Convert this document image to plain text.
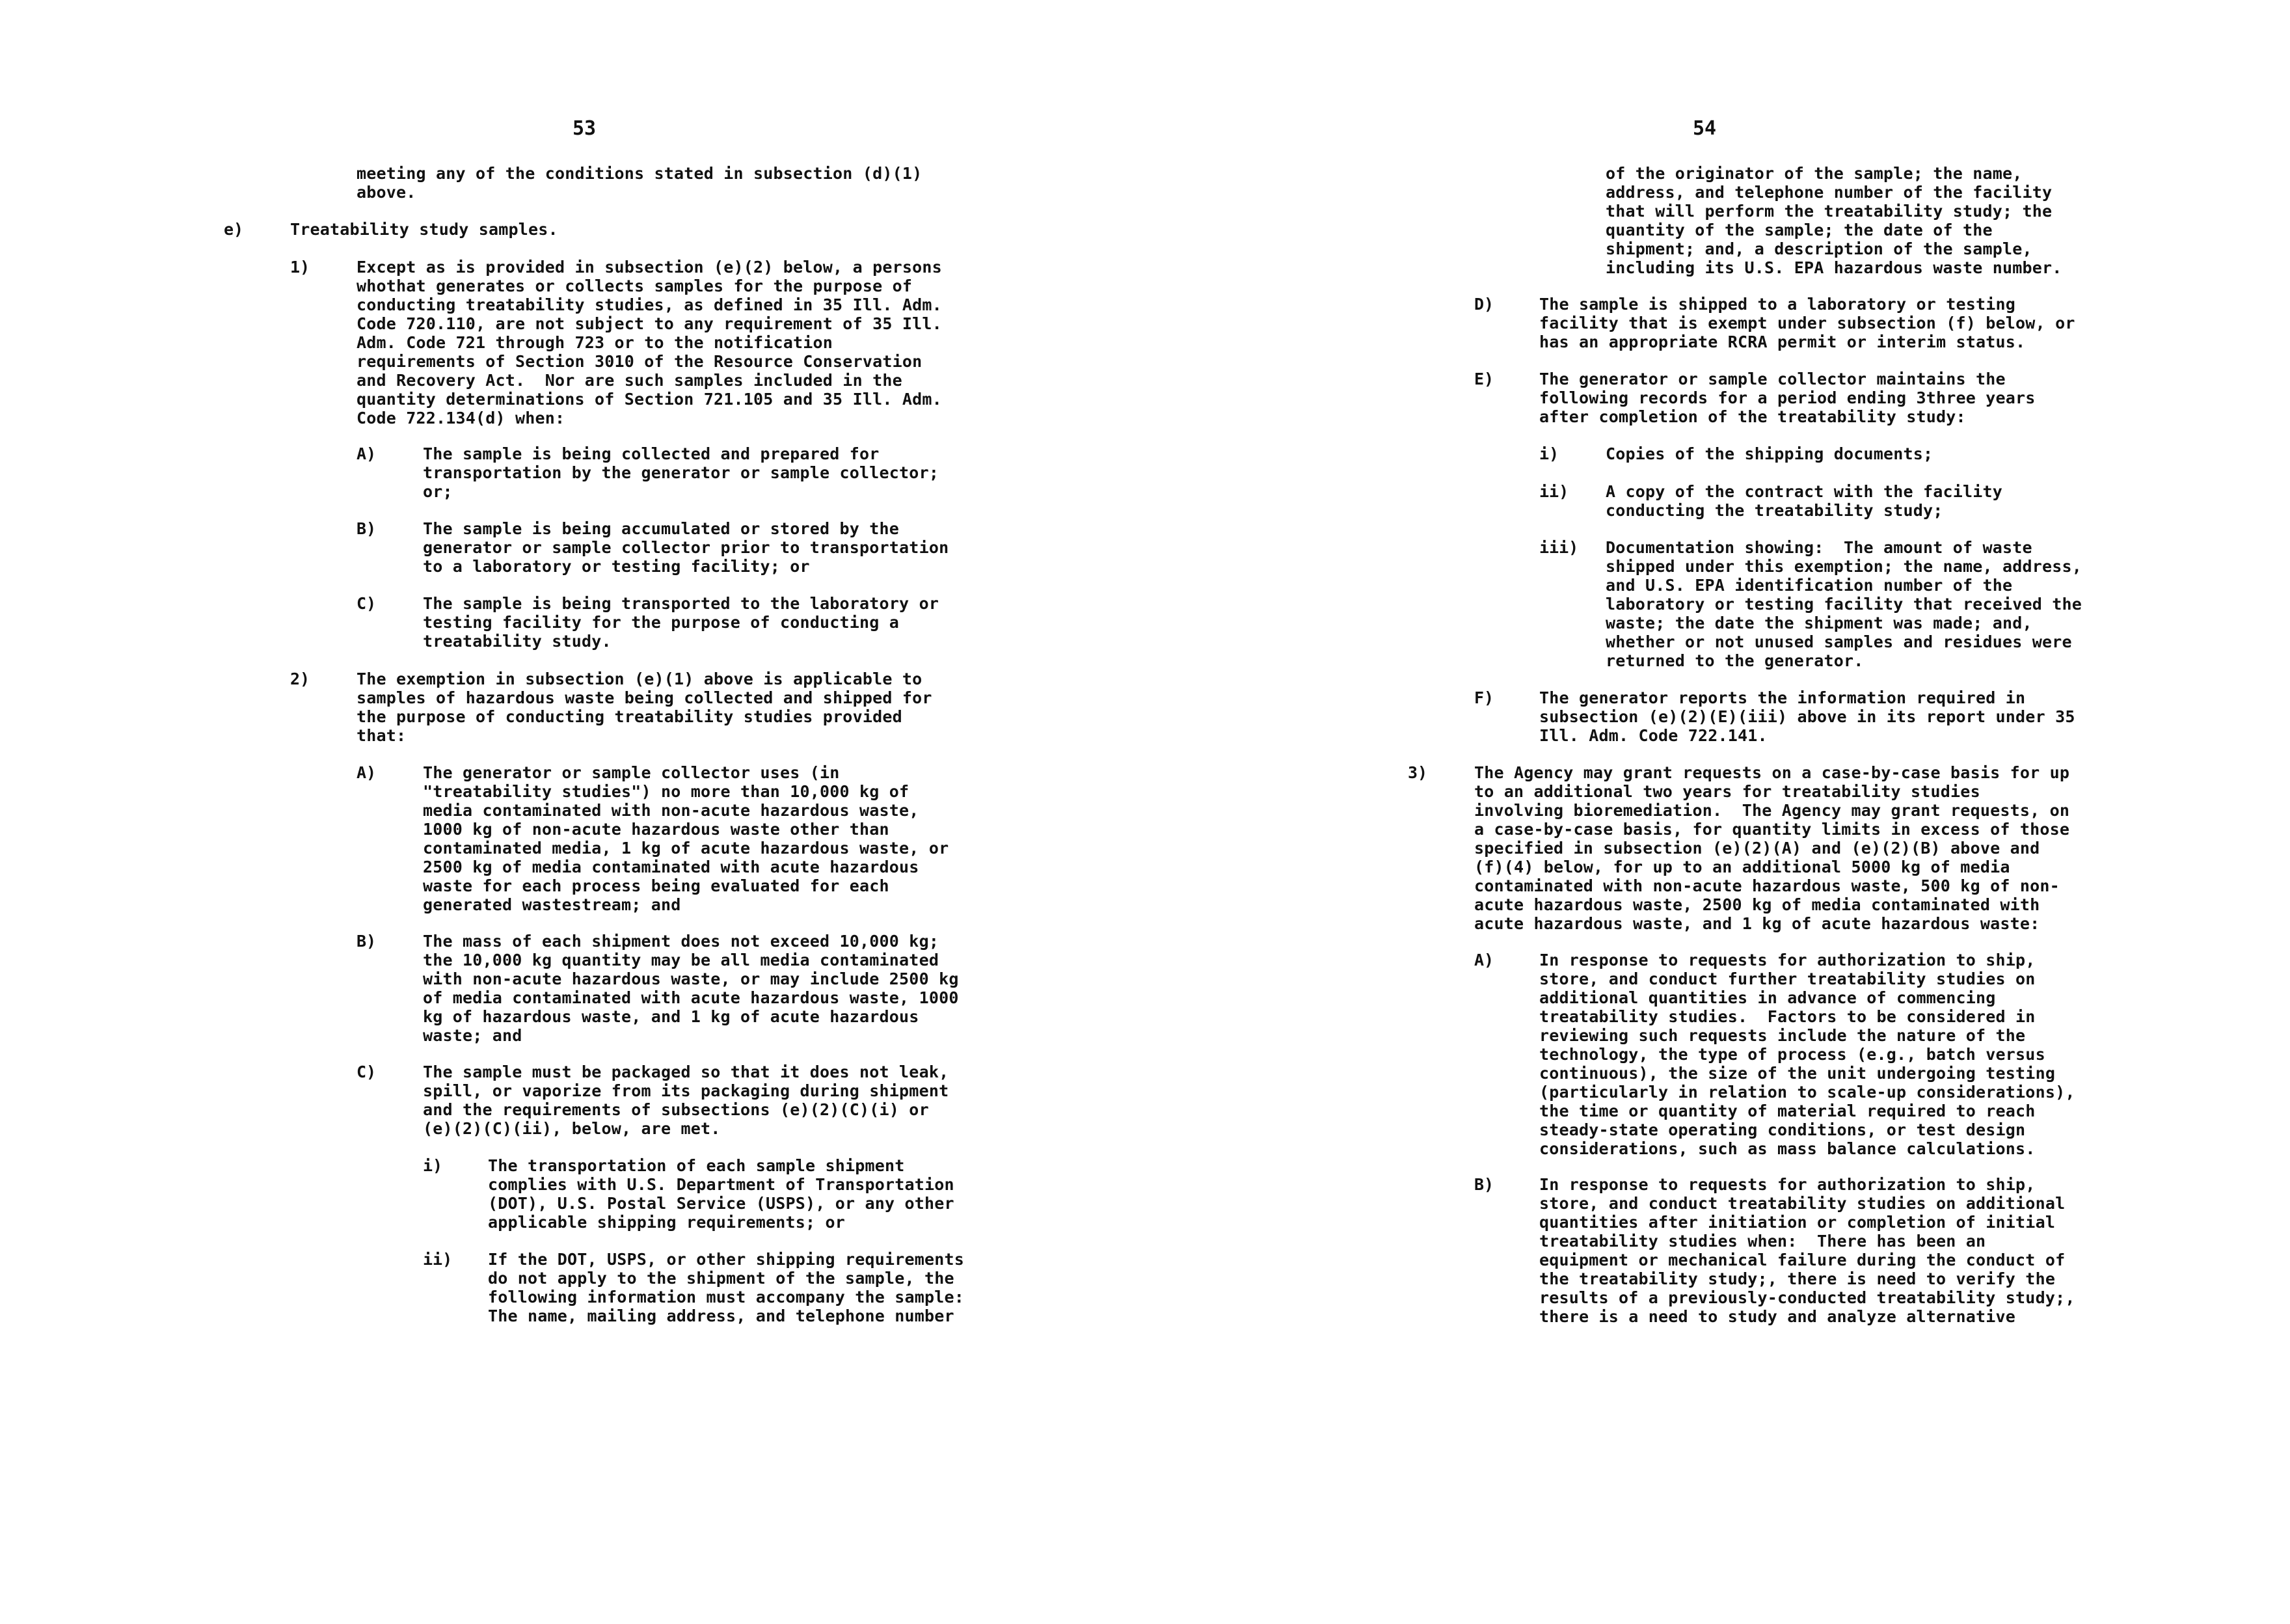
53
meeting any of the conditions stated in subsection (d)(1)
above.
e)	Treatability study samples.
1)	Except as is provided in subsection (e)(2) below, a persons
whothat generates or collects samples for the purpose of
conducting treatability studies, as defined in 35 Ill. Adm.
Code 720.110, are not subject to any requirement of 35 Ill.
Adm. Code 721 through 723 or to the notification
requirements of Section 3010 of the Resource Conservation
and Recovery Act.  Nor are such samples included in the
quantity determinations of Section 721.105 and 35 Ill. Adm.
Code 722.134(d) when:
A)	The sample is being collected and prepared for
transportation by the generator or sample collector;
or;
B)	The sample is being accumulated or stored by the
generator or sample collector prior to transportation
to a laboratory or testing facility; or
C)	The sample is being transported to the laboratory or
testing facility for the purpose of conducting a
treatability study.
2)	The exemption in subsection (e)(1) above is applicable to
samples of hazardous waste being collected and shipped for
the purpose of conducting treatability studies provided
that:
A)	The generator or sample collector uses (in
"treatability studies") no more than 10,000 kg of
media contaminated with non-acute hazardous waste,
1000 kg of non-acute hazardous waste other than
contaminated media, 1 kg of acute hazardous waste, or
2500 kg of media contaminated with acute hazardous
waste for each process being evaluated for each
generated wastestream; and
B)	The mass of each shipment does not exceed 10,000 kg;
the 10,000 kg quantity may be all media contaminated
with non-acute hazardous waste, or may include 2500 kg
of media contaminated with acute hazardous waste, 1000
kg of hazardous waste, and 1 kg of acute hazardous
waste; and
C)	The sample must be packaged so that it does not leak,
spill, or vaporize from its packaging during shipment
and the requirements of subsections (e)(2)(C)(i) or
(e)(2)(C)(ii), below, are met.
i)	The transportation of each sample shipment
complies with U.S. Department of Transportation
(DOT), U.S. Postal Service (USPS), or any other
applicable shipping requirements; or
ii) If the DOT, USPS, or other shipping requirements
do not apply to the shipment of the sample, the
following information must accompany the sample:
The name, mailing address, and telephone number
54
of the originator of the sample; the name,
address, and telephone number of the facility
that will perform the treatability study; the
quantity of the sample; the date of the
shipment; and, a description of the sample,
including its U.S. EPA hazardous waste number.
D)	The sample is shipped to a laboratory or testing
facility that is exempt under subsection (f) below, or
has an appropriate RCRA permit or interim status.
E)	The generator or sample collector maintains the
following records for a period ending 3three years
after completion of the treatability study:
i)	Copies of the shipping documents;
ii) A copy of the contract with the facility
conducting the treatability study;
iii) Documentation showing:  The amount of waste
shipped under this exemption; the name, address,
and U.S. EPA identification number of the
laboratory or testing facility that received the
waste; the date the shipment was made; and,
whether or not unused samples and residues were
returned to the generator.
F)	The generator reports the information required in
subsection (e)(2)(E)(iii) above in its report under 35
Ill. Adm. Code 722.141.
3)	The Agency may grant requests on a case-by-case basis for up
to an additional two years for treatability studies
involving bioremediation.  The Agency may grant requests, on
a case-by-case basis, for quantity limits in excess of those
specified in subsection (e)(2)(A) and (e)(2)(B) above and
(f)(4) below, for up to an additional 5000 kg of media
contaminated with non-acute hazardous waste, 500 kg of non-
acute hazardous waste, 2500 kg of media contaminated with
acute hazardous waste, and 1 kg of acute hazardous waste:
A)	In response to requests for authorization to ship,
store, and conduct further treatability studies on
additional quantities in advance of commencing
treatability studies.  Factors to be considered in
reviewing such requests include the nature of the
technology, the type of process (e.g., batch versus
continuous), the size of the unit undergoing testing
(particularly in relation to scale-up considerations),
the time or quantity of material required to reach
steady-state operating conditions, or test design
considerations, such as mass balance calculations.
B)	In response to requests for authorization to ship,
store, and conduct treatability studies on additional
quantities after initiation or completion of initial
treatability studies when:  There has been an
equipment or mechanical failure during the conduct of
the treatability study;, there is need to verify the
results of a previously-conducted treatability study;,
there is a need to study and analyze alternative
